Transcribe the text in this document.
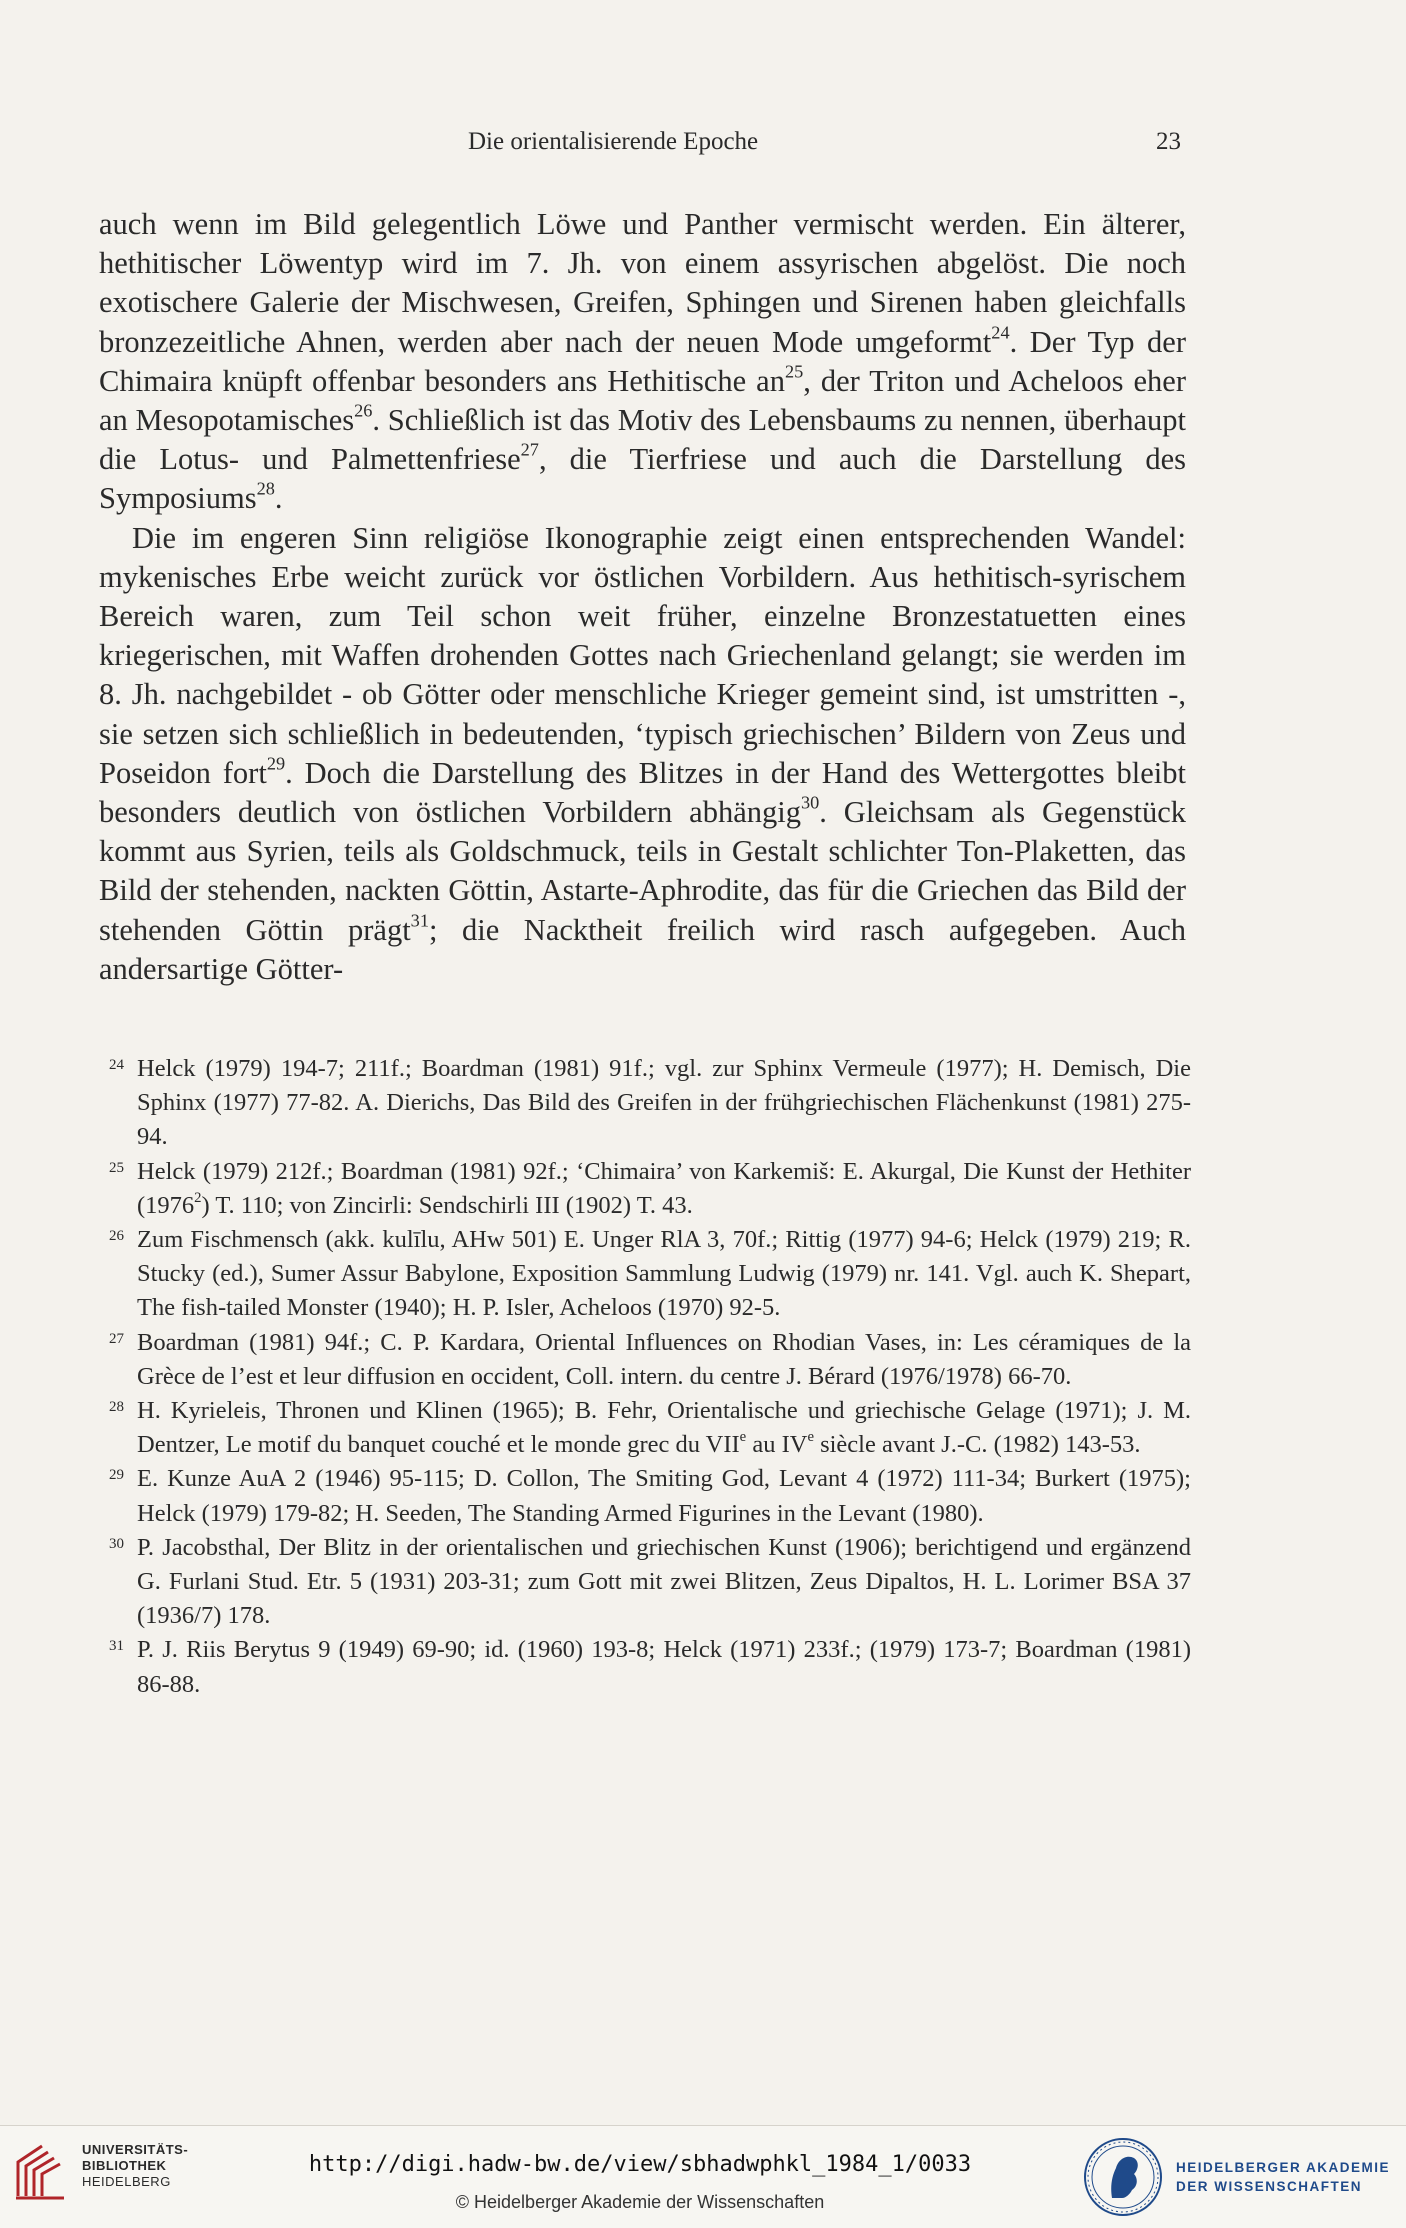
Die orientalisierende Epoche	23

auch wenn im Bild gelegentlich Löwe und Panther vermischt werden. Ein älterer, hethitischer Löwentyp wird im 7. Jh. von einem assyrischen abgelöst. Die noch exotischere Galerie der Mischwesen, Greifen, Sphingen und Sirenen haben gleichfalls bronzezeitliche Ahnen, werden aber nach der neuen Mode umgeformt$^{24}$. Der Typ der Chimaira knüpft offenbar besonders ans Hethitische $an^{25}$, der Triton und Acheloos eher an Mesopotamisches$^{26}$. Schließlich ist das Motiv des Lebensbaums zu nennen, überhaupt die Lotus- und Palmettenfriese$^{27}$, die Tierfriese und auch die Darstellung des Symposiums$^{28}$.

Die im engeren Sinn religiöse Ikonographie zeigt einen entsprechenden Wandel: mykenisches Erbe weicht zurück vor östlichen Vorbildern. Aus hethitisch-syrischem Bereich waren, zum Teil schon weit früher, einzelne Bronzestatuetten eines kriegerischen, mit Waffen drohenden Gottes nach Griechenland gelangt; sie werden im 8. Jh. nachgebildet - ob Götter oder menschliche Krieger gemeint sind, ist umstritten -, sie setzen sich schließlich in bedeutenden, ‘typisch griechischen’ Bildern von Zeus und Poseidon fort$^{29}$. Doch die Darstellung des Blitzes in der Hand des Wettergottes bleibt besonders deutlich von östlichen Vorbildern abhängig$^{30}$. Gleichsam als Gegenstück kommt aus Syrien, teils als Goldschmuck, teils in Gestalt schlichter Ton-Plaketten, das Bild der stehenden, nackten Göttin, Astarte-Aphrodite, das für die Griechen das Bild der stehenden Göttin prägt$^{31}$; die Nacktheit freilich wird rasch aufgegeben. Auch andersartige Götter-

24 Helck (1979) 194-7; 211f.; Boardman (1981) 91f.; vgl. zur Sphinx Vermeule (1977); H. Demisch, Die Sphinx (1977) 77-82. A. Dierichs, Das Bild des Greifen in der frühgriechischen Flächenkunst (1981) 275-94.
25 Helck (1979) 212f.; Boardman (1981) 92f.; ‘Chimaira’ von Karkemiš: E. Akurgal, Die Kunst der Hethiter (1976$^2$) T. 110; von Zincirli: Sendschirli III (1902) T. 43.
26 Zum Fischmensch (akk. kulīlu, AHw 501) E. Unger RlA 3, 70f.; Rittig (1977) 94-6; Helck (1979) 219; R. Stucky (ed.), Sumer Assur Babylone, Exposition Sammlung Ludwig (1979) nr. 141. Vgl. auch K. Shepart, The fish-tailed Monster (1940); H. P. Isler, Acheloos (1970) 92-5.
27 Boardman (1981) 94f.; C. P. Kardara, Oriental Influences on Rhodian Vases, in: Les céramiques de la Grèce de l’est et leur diffusion en occident, Coll. intern. du centre J. Bérard (1976/1978) 66-70.
28 H. Kyrieleis, Thronen und Klinen (1965); B. Fehr, Orientalische und griechische Gelage (1971); J. M. Dentzer, Le motif du banquet couché et le monde grec du VIIe au IVe siècle avant J.-C. (1982) 143-53.
29 E. Kunze AuA 2 (1946) 95-115; D. Collon, The Smiting God, Levant 4 (1972) 111-34; Burkert (1975); Helck (1979) 179-82; H. Seeden, The Standing Armed Figurines in the Levant (1980).
30 P. Jacobsthal, Der Blitz in der orientalischen und griechischen Kunst (1906); berichtigend und ergänzend G. Furlani Stud. Etr. 5 (1931) 203-31; zum Gott mit zwei Blitzen, Zeus Dipaltos, H. L. Lorimer BSA 37 (1936/7) 178.
31 P. J. Riis Berytus 9 (1949) 69-90; id. (1960) 193-8; Helck (1971) 233f.; (1979) 173-7; Boardman (1981) 86-88.
UNIVERSITÄTS-
BIBLIOTHEK
HEIDELBERG
http://digi.hadw-bw.de/view/sbhadwphkl_1984_1/0033
© Heidelberger Akademie der Wissenschaften
HEIDELBERGER AKADEMIE
DER WISSENSCHAFTEN
